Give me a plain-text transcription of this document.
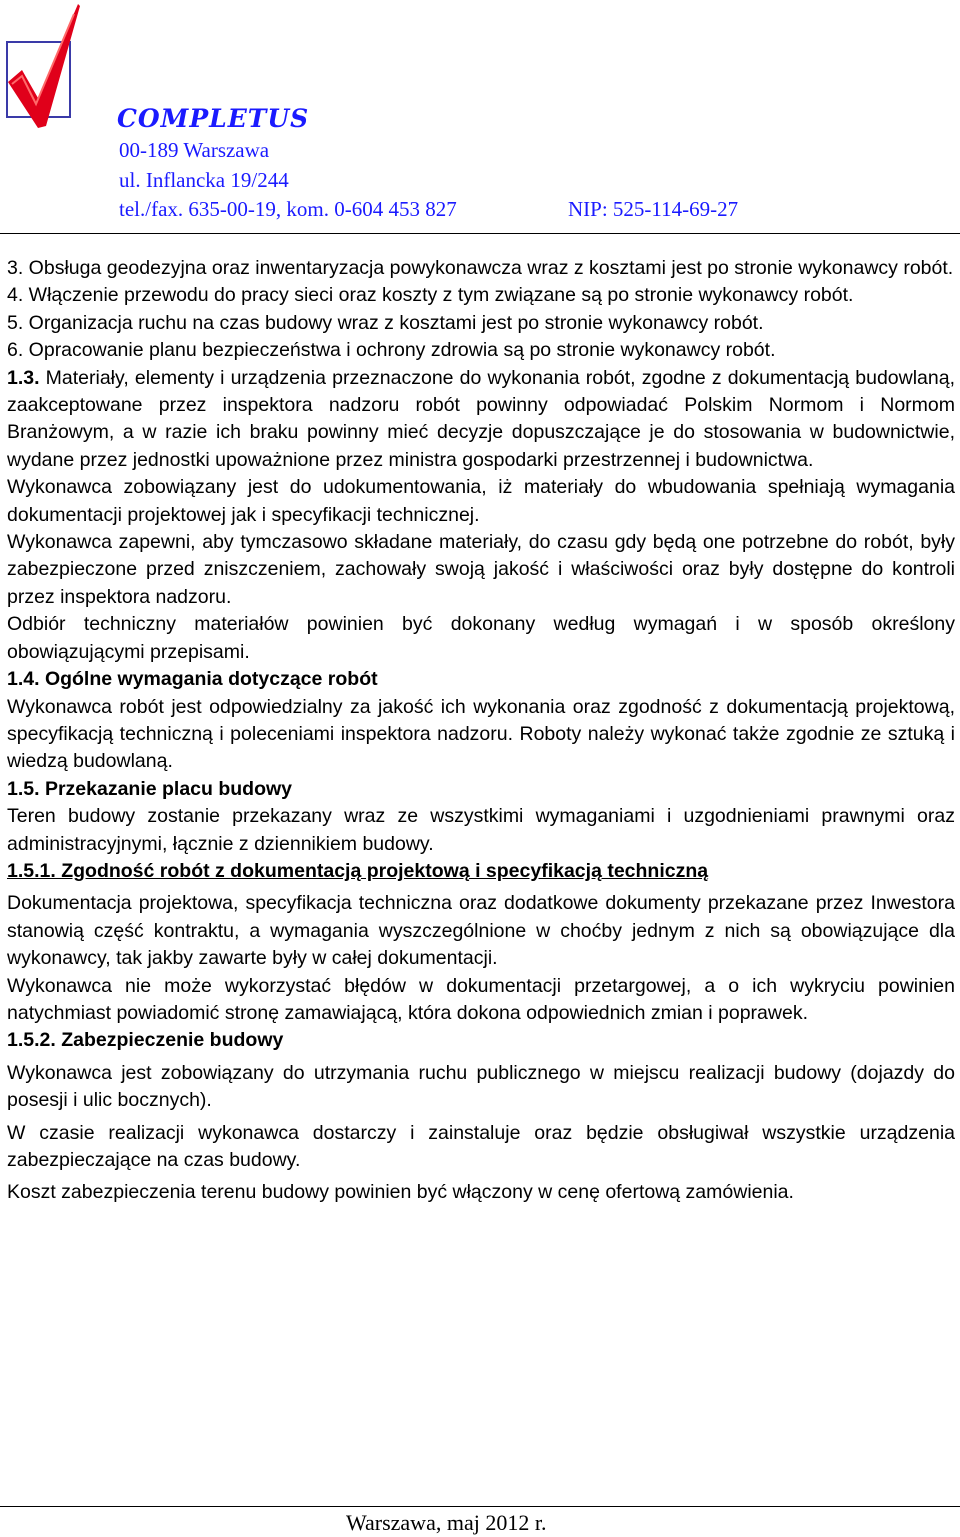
COMPLETUS
00-189 Warszawa
ul. Inflancka 19/244
tel./fax. 635-00-19, kom. 0-604 453 827	NIP: 525-114-69-27

3. Obsługa geodezyjna oraz inwentaryzacja powykonawcza wraz z kosztami jest po stronie wykonawcy robót.

4. Włączenie przewodu do pracy sieci oraz koszty z tym związane są po stronie wykonawcy robót.

5. Organizacja ruchu na czas budowy wraz z kosztami jest po stronie wykonawcy robót.

6. Opracowanie planu bezpieczeństwa i ochrony zdrowia są po stronie wykonawcy robót.

1.3. Materiały, elementy i urządzenia przeznaczone do wykonania robót, zgodne z dokumentacją budowlaną, zaakceptowane przez inspektora nadzoru robót powinny odpowiadać Polskim Normom i Normom Branżowym, a w razie ich braku powinny mieć decyzje dopuszczające je do stosowania w budownictwie, wydane przez jednostki upoważnione przez ministra gospodarki przestrzennej i budownictwa.

Wykonawca zobowiązany jest do udokumentowania, iż materiały do wbudowania spełniają wymagania dokumentacji projektowej jak i specyfikacji technicznej.

Wykonawca zapewni, aby tymczasowo składane materiały, do czasu gdy będą one potrzebne do robót, były zabezpieczone przed zniszczeniem, zachowały swoją jakość i właściwości oraz były dostępne do kontroli przez inspektora nadzoru.

Odbiór techniczny materiałów powinien być dokonany według wymagań i w sposób określony obowiązującymi przepisami.

1.4. Ogólne wymagania dotyczące robót

Wykonawca robót jest odpowiedzialny za jakość ich wykonania oraz zgodność z dokumentacją projektową, specyfikacją techniczną i poleceniami inspektora nadzoru. Roboty należy wykonać także zgodnie ze sztuką i wiedzą budowlaną.

1.5. Przekazanie placu budowy

Teren budowy zostanie przekazany wraz ze wszystkimi wymaganiami i uzgodnieniami prawnymi oraz administracyjnymi, łącznie z dziennikiem budowy.

1.5.1. Zgodność robót z dokumentacją projektową i specyfikacją techniczną

Dokumentacja projektowa, specyfikacja techniczna oraz dodatkowe dokumenty przekazane przez Inwestora stanowią część kontraktu, a wymagania wyszczególnione w choćby jednym z nich są obowiązujące dla wykonawcy, tak jakby zawarte były w całej dokumentacji.

Wykonawca nie może wykorzystać błędów w dokumentacji przetargowej, a o ich wykryciu powinien natychmiast powiadomić stronę zamawiającą, która dokona odpowiednich zmian i poprawek.

1.5.2. Zabezpieczenie budowy

Wykonawca jest zobowiązany do utrzymania ruchu publicznego w miejscu realizacji budowy (dojazdy do posesji i ulic bocznych).

W czasie realizacji wykonawca dostarczy i zainstaluje oraz będzie obsługiwał wszystkie urządzenia zabezpieczające na czas budowy.

Koszt zabezpieczenia terenu budowy powinien być włączony w cenę ofertową zamówienia.

Warszawa, maj 2012 r.
